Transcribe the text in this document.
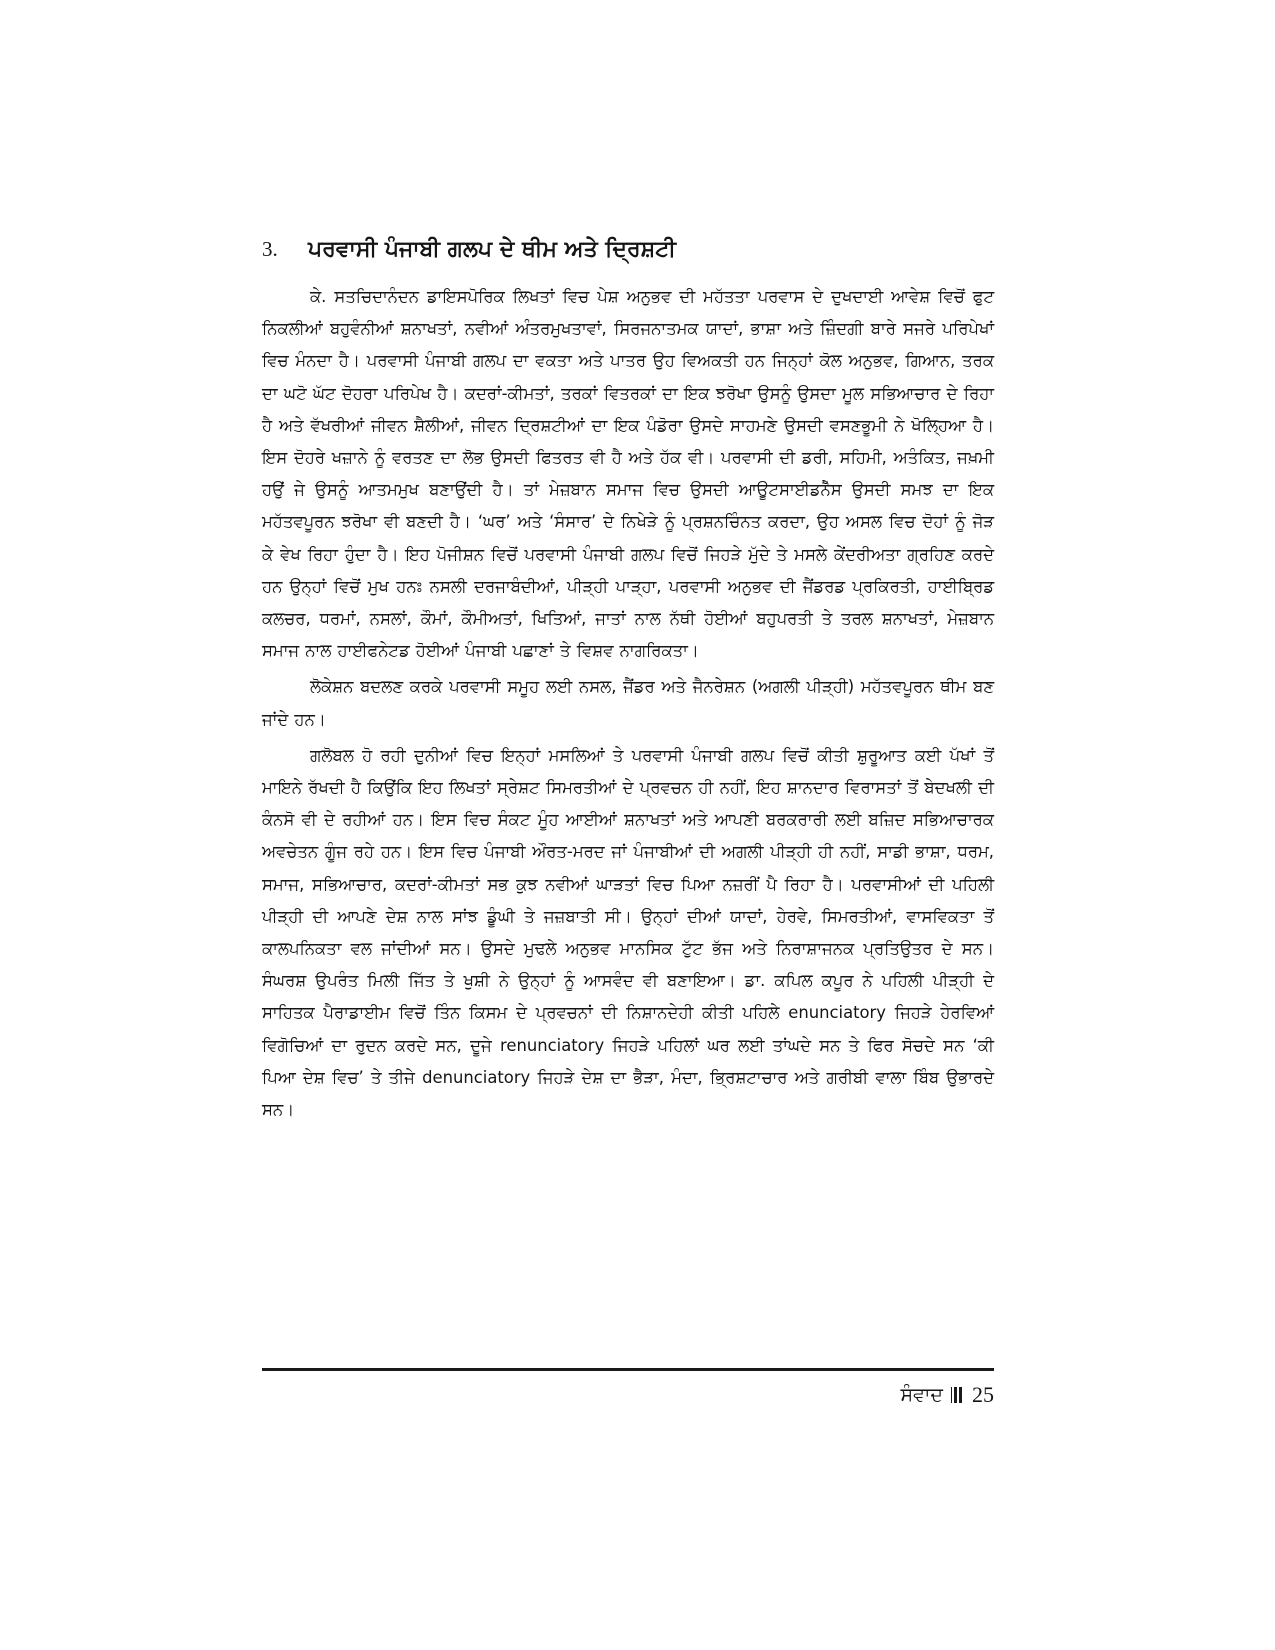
3.	ਪਰਵਾਸੀ ਪੰਜਾਬੀ ਗਲਪ ਦੇ ਥੀਮ ਅਤੇ ਦ੍ਰਿਸ਼ਟੀ

ਕੇ. ਸਤਚਿਦਾਨੰਦਨ ਡਾਇਸਪੋਰਿਕ ਲਿਖਤਾਂ ਵਿਚ ਪੇਸ਼ ਅਨੁਭਵ ਦੀ ਮਹੱਤਤਾ ਪਰਵਾਸ ਦੇ ਦੁਖਦਾਈ ਆਵੇਸ਼ ਵਿਚੋਂ ਫੁਟ ਨਿਕਲੀਆਂ ਬਹੁਵੰਨੀਆਂ ਸ਼ਨਾਖਤਾਂ, ਨਵੀਆਂ ਅੰਤਰਮੁਖਤਾਵਾਂ, ਸਿਰਜਨਾਤਮਕ ਯਾਦਾਂ, ਭਾਸ਼ਾ ਅਤੇ ਜ਼ਿੰਦਗੀ ਬਾਰੇ ਸਜਰੇ ਪਰਿਪੇਖਾਂ ਵਿਚ ਮੰਨਦਾ ਹੈ। ਪਰਵਾਸੀ ਪੰਜਾਬੀ ਗਲਪ ਦਾ ਵਕਤਾ ਅਤੇ ਪਾਤਰ ਉਹ ਵਿਅਕਤੀ ਹਨ ਜਿਨ੍ਹਾਂ ਕੋਲ ਅਨੁਭਵ, ਗਿਆਨ, ਤਰਕ ਦਾ ਘਟੋ ਘੱਟ ਦੋਹਰਾ ਪਰਿਪੇਖ ਹੈ। ਕਦਰਾਂ-ਕੀਮਤਾਂ, ਤਰਕਾਂ ਵਿਤਰਕਾਂ ਦਾ ਇਕ ਝਰੋਖਾ ਉਸਨੂੰ ਉਸਦਾ ਮੂਲ ਸਭਿਆਚਾਰ ਦੇ ਰਿਹਾ ਹੈ ਅਤੇ ਵੱਖਰੀਆਂ ਜੀਵਨ ਸ਼ੈਲੀਆਂ, ਜੀਵਨ ਦ੍ਰਿਸ਼ਟੀਆਂ ਦਾ ਇਕ ਪੰਡੋਰਾ ਉਸਦੇ ਸਾਹਮਣੇ ਉਸਦੀ ਵਸਣਭੂਮੀ ਨੇ ਖੋਲ੍ਹਿਆ ਹੈ। ਇਸ ਦੋਹਰੇ ਖਜ਼ਾਨੇ ਨੂੰ ਵਰਤਣ ਦਾ ਲੋਭ ਉਸਦੀ ਫਿਤਰਤ ਵੀ ਹੈ ਅਤੇ ਹੱਕ ਵੀ। ਪਰਵਾਸੀ ਦੀ ਡਰੀ, ਸਹਿਮੀ, ਅਤੰਕਿਤ, ਜਖ਼ਮੀ ਹਉਂ ਜੇ ਉਸਨੂੰ ਆਤਮਮੁਖ ਬਣਾਉਂਦੀ ਹੈ। ਤਾਂ ਮੇਜ਼ਬਾਨ ਸਮਾਜ ਵਿਚ ਉਸਦੀ ਆਊਟਸਾਈਡਨੈੱਸ ਉਸਦੀ ਸਮਝ ਦਾ ਇਕ ਮਹੱਤਵਪੂਰਨ ਝਰੋਖਾ ਵੀ ਬਣਦੀ ਹੈ। ‘ਘਰ’ ਅਤੇ ‘ਸੰਸਾਰ’ ਦੇ ਨਿਖੇੜੇ ਨੂੰ ਪ੍ਰਸ਼ਨਚਿੰਨਤ ਕਰਦਾ, ਉਹ ਅਸਲ ਵਿਚ ਦੋਹਾਂ ਨੂੰ ਜੋੜ ਕੇ ਵੇਖ ਰਿਹਾ ਹੁੰਦਾ ਹੈ। ਇਹ ਪੋਜੀਸ਼ਨ ਵਿਚੋਂ ਪਰਵਾਸੀ ਪੰਜਾਬੀ ਗਲਪ ਵਿਚੋਂ ਜਿਹੜੇ ਮੁੱਦੇ ਤੇ ਮਸਲੇ ਕੇਂਦਰੀਅਤਾ ਗ੍ਰਹਿਣ ਕਰਦੇ ਹਨ ਉਨ੍ਹਾਂ ਵਿਚੋਂ ਮੁਖ ਹਨਃ ਨਸਲੀ ਦਰਜਾਬੰਦੀਆਂ, ਪੀੜ੍ਹੀ ਪਾੜ੍ਹਾ, ਪਰਵਾਸੀ ਅਨੁਭਵ ਦੀ ਜੈਂਡਰਡ ਪ੍ਰਕਿਰਤੀ, ਹਾਈਬ੍ਰਿਡ ਕਲਚਰ, ਧਰਮਾਂ, ਨਸਲਾਂ, ਕੌਮਾਂ, ਕੌਮੀਅਤਾਂ, ਖਿਤਿਆਂ, ਜਾਤਾਂ ਨਾਲ ਨੱਥੀ ਹੋਈਆਂ ਬਹੁਪਰਤੀ ਤੇ ਤਰਲ ਸ਼ਨਾਖਤਾਂ, ਮੇਜ਼ਬਾਨ ਸਮਾਜ ਨਾਲ ਹਾਈਫਨੇਟਡ ਹੋਈਆਂ ਪੰਜਾਬੀ ਪਛਾਣਾਂ ਤੇ ਵਿਸ਼ਵ ਨਾਗਰਿਕਤਾ।

ਲੋਕੇਸ਼ਨ ਬਦਲਣ ਕਰਕੇ ਪਰਵਾਸੀ ਸਮੂਹ ਲਈ ਨਸਲ, ਜੈਂਡਰ ਅਤੇ ਜੈਨਰੇਸ਼ਨ (ਅਗਲੀ ਪੀੜ੍ਹੀ) ਮਹੱਤਵਪੂਰਨ ਥੀਮ ਬਣ ਜਾਂਦੇ ਹਨ।

ਗਲੋਬਲ ਹੋ ਰਹੀ ਦੁਨੀਆਂ ਵਿਚ ਇਨ੍ਹਾਂ ਮਸਲਿਆਂ ਤੇ ਪਰਵਾਸੀ ਪੰਜਾਬੀ ਗਲਪ ਵਿਚੋਂ ਕੀਤੀ ਸ਼ੁਰੂਆਤ ਕਈ ਪੱਖਾਂ ਤੋਂ ਮਾਇਨੇ ਰੱਖਦੀ ਹੈ ਕਿਉਂਕਿ ਇਹ ਲਿਖਤਾਂ ਸ੍ਰੇਸ਼ਟ ਸਿਮਰਤੀਆਂ ਦੇ ਪ੍ਰਵਚਨ ਹੀ ਨਹੀਂ, ਇਹ ਸ਼ਾਨਦਾਰ ਵਿਰਾਸਤਾਂ ਤੋਂ ਬੇਦਖਲੀ ਦੀ ਕੰਨਸੋ ਵੀ ਦੇ ਰਹੀਆਂ ਹਨ। ਇਸ ਵਿਚ ਸੰਕਟ ਮੂੰਹ ਆਈਆਂ ਸ਼ਨਾਖਤਾਂ ਅਤੇ ਆਪਣੀ ਬਰਕਰਾਰੀ ਲਈ ਬਜ਼ਿਦ ਸਭਿਆਚਾਰਕ ਅਵਚੇਤਨ ਗੂੰਜ ਰਹੇ ਹਨ। ਇਸ ਵਿਚ ਪੰਜਾਬੀ ਔਰਤ-ਮਰਦ ਜਾਂ ਪੰਜਾਬੀਆਂ ਦੀ ਅਗਲੀ ਪੀੜ੍ਹੀ ਹੀ ਨਹੀਂ, ਸਾਡੀ ਭਾਸ਼ਾ, ਧਰਮ, ਸਮਾਜ, ਸਭਿਆਚਾਰ, ਕਦਰਾਂ-ਕੀਮਤਾਂ ਸਭ ਕੁਝ ਨਵੀਆਂ ਘਾੜਤਾਂ ਵਿਚ ਪਿਆ ਨਜ਼ਰੀਂ ਪੈ ਰਿਹਾ ਹੈ। ਪਰਵਾਸੀਆਂ ਦੀ ਪਹਿਲੀ ਪੀੜ੍ਹੀ ਦੀ ਆਪਣੇ ਦੇਸ਼ ਨਾਲ ਸਾਂਝ ਡੂੰਘੀ ਤੇ ਜਜ਼ਬਾਤੀ ਸੀ। ਉਨ੍ਹਾਂ ਦੀਆਂ ਯਾਦਾਂ, ਹੇਰਵੇ, ਸਿਮਰਤੀਆਂ, ਵਾਸਵਿਕਤਾ ਤੋਂ ਕਾਲਪਨਿਕਤਾ ਵਲ ਜਾਂਦੀਆਂ ਸਨ। ਉਸਦੇ ਮੁਢਲੇ ਅਨੁਭਵ ਮਾਨਸਿਕ ਟੁੱਟ ਭੱਜ ਅਤੇ ਨਿਰਾਸ਼ਾਜਨਕ ਪ੍ਰਤਿਉਤਰ ਦੇ ਸਨ। ਸੰਘਰਸ਼ ਉਪਰੰਤ ਮਿਲੀ ਜਿੱਤ ਤੇ ਖੁਸ਼ੀ ਨੇ ਉਨ੍ਹਾਂ ਨੂੰ ਆਸਵੰਦ ਵੀ ਬਣਾਇਆ। ਡਾ. ਕਪਿਲ ਕਪੂਰ ਨੇ ਪਹਿਲੀ ਪੀੜ੍ਹੀ ਦੇ ਸਾਹਿਤਕ ਪੈਰਾਡਾਈਮ ਵਿਚੋਂ ਤਿੰਨ ਕਿਸਮ ਦੇ ਪ੍ਰਵਚਨਾਂ ਦੀ ਨਿਸ਼ਾਨਦੇਹੀ ਕੀਤੀ ਪਹਿਲੇ enunciatory ਜਿਹੜੇ ਹੇਰਵਿਆਂ ਵਿਗੋਚਿਆਂ ਦਾ ਰੁਦਨ ਕਰਦੇ ਸਨ, ਦੂਜੇ renunciatory ਜਿਹੜੇ ਪਹਿਲਾਂ ਘਰ ਲਈ ਤਾਂਘਦੇ ਸਨ ਤੇ ਫਿਰ ਸੋਚਦੇ ਸਨ ‘ਕੀ ਪਿਆ ਦੇਸ਼ ਵਿਚ’ ਤੇ ਤੀਜੇ denunciatory ਜਿਹੜੇ ਦੇਸ਼ ਦਾ ਭੈੜਾ, ਮੰਦਾ, ਭ੍ਰਿਸ਼ਟਾਚਾਰ ਅਤੇ ਗਰੀਬੀ ਵਾਲਾ ਬਿੰਬ ਉਭਾਰਦੇ ਸਨ।

ਸੰਵਾਦ 25
